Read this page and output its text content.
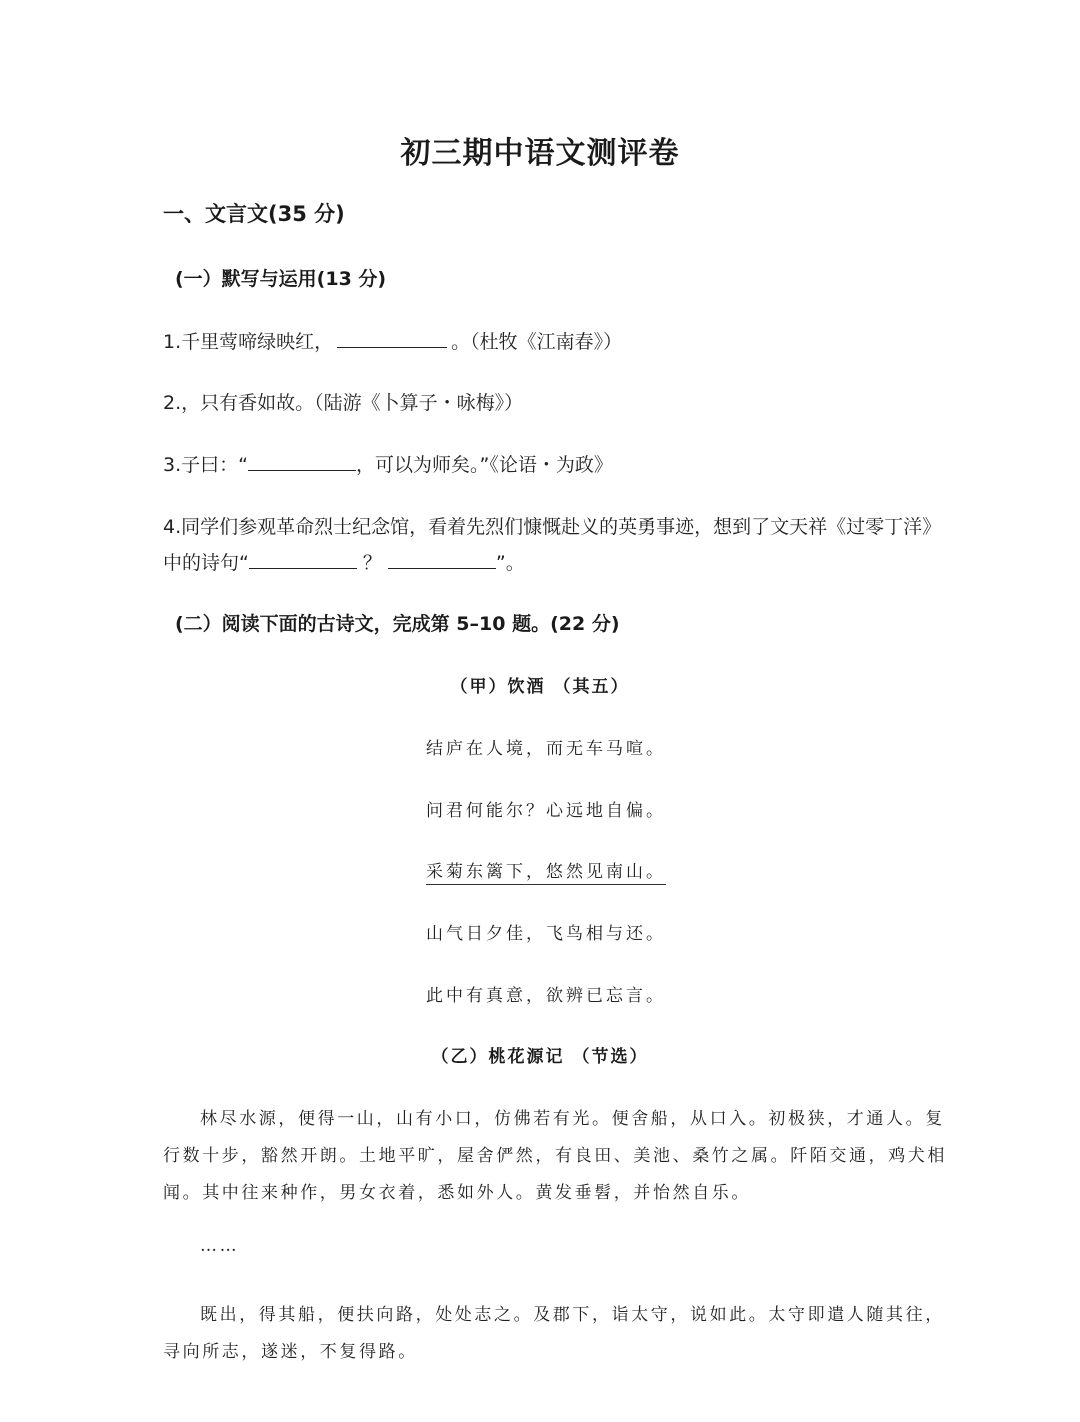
初三期中语文测评卷
一、文言文(35 分)
(一）默写与运用(13 分)
1.千里莺啼绿映红，	。（杜牧《江南春》）
2.，只有香如故。（陆游《卜算子・咏梅》）
3.子曰：“	，可以为师矣。”《论语・为政》
4.同学们参观革命烈士纪念馆，看着先烈们慷慨赴义的英勇事迹，想到了文天祥《过零丁洋》
中的诗句“	？	”。
(二）阅读下面的古诗文，完成第 5–10 题。(22 分)
（甲）饮酒 （其五）
结庐在人境，而无车马喧。
问君何能尔？心远地自偏。
采菊东篱下，悠然见南山。
山气日夕佳，飞鸟相与还。
此中有真意，欲辨已忘言。
（乙）桃花源记 （节选）
林尽水源，便得一山，山有小口，仿佛若有光。便舍船，从口入。初极狭，才通人。复
行数十步，豁然开朗。土地平旷，屋舍俨然，有良田、美池、桑竹之属。阡陌交通，鸡犬相
闻。其中往来种作，男女衣着，悉如外人。黄发垂髫，并怡然自乐。
……
既出，得其船，便扶向路，处处志之。及郡下，诣太守，说如此。太守即遣人随其往，
寻向所志，遂迷，不复得路。
